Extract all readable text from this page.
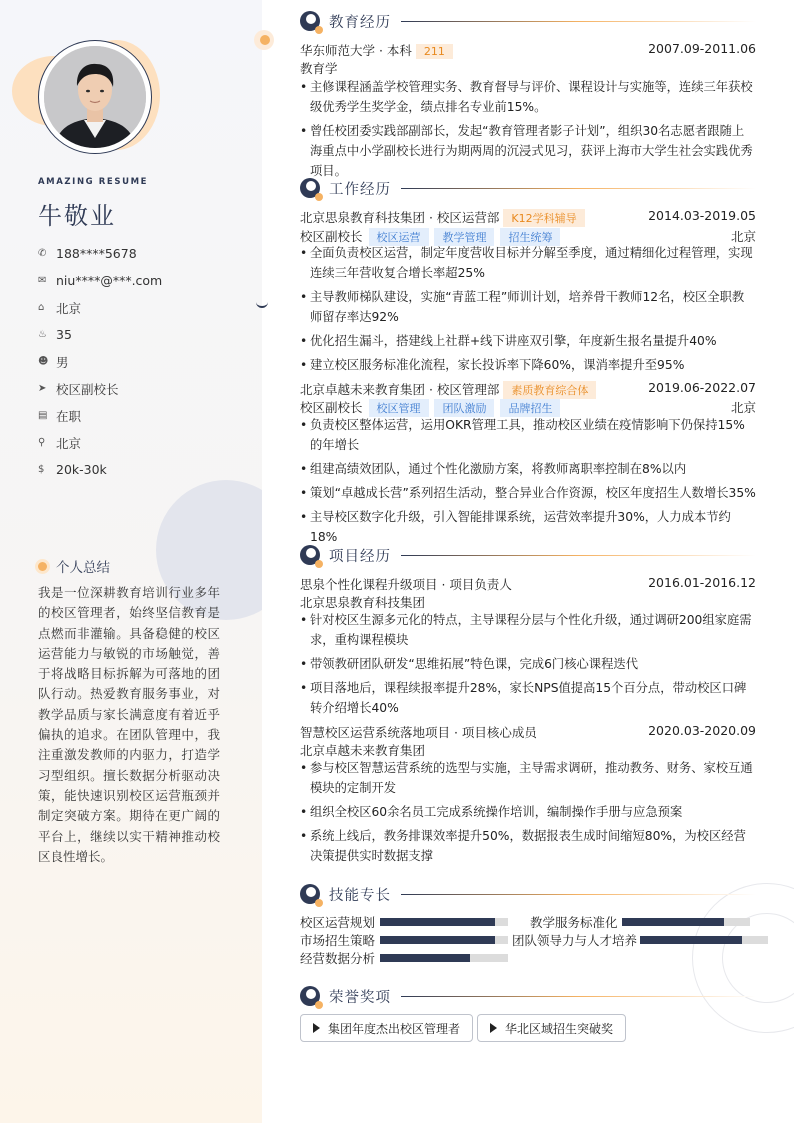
AMAZING RESUME
牛敬业
✆ 188****5678
✉ niu****@***.com
⌂ 北京
♨ 35
☻ 男
➤ 校区副校长
▤ 在职
⚲ 北京
$ 20k-30k
个人总结
我是一位深耕教育培训行业多年的校区管理者，始终坚信教育是点燃而非灌输。具备稳健的校区运营能力与敏锐的市场触觉，善于将战略目标拆解为可落地的团队行动。热爱教育服务事业，对教学品质与家长满意度有着近乎偏执的追求。在团队管理中，我注重激发教师的内驱力，打造学习型组织。擅长数据分析驱动决策，能快速识别校区运营瓶颈并制定突破方案。期待在更广阔的平台上，继续以实干精神推动校区良性增长。
教育经历
华东师范大学 · 本科 211	2007.09-2011.06
教育学
• 主修课程涵盖学校管理实务、教育督导与评价、课程设计与实施等，连续三年获校级优秀学生奖学金，绩点排名专业前15%。
• 曾任校团委实践部副部长，发起“教育管理者影子计划”，组织30名志愿者跟随上海重点中小学副校长进行为期两周的沉浸式见习，获评上海市大学生社会实践优秀项目。
工作经历
北京思泉教育科技集团 · 校区运营部 K12学科辅导	2014.03-2019.05
校区副校长 校区运营 教学管理 招生统筹	北京
• 全面负责校区运营，制定年度营收目标并分解至季度，通过精细化过程管理，实现连续三年营收复合增长率超25%
• 主导教师梯队建设，实施“青蓝工程”师训计划，培养骨干教师12名，校区全职教师留存率达92%
• 优化招生漏斗，搭建线上社群+线下讲座双引擎，年度新生报名量提升40%
• 建立校区服务标准化流程，家长投诉率下降60%，课消率提升至95%
北京卓越未来教育集团 · 校区管理部 素质教育综合体	2019.06-2022.07
校区副校长 校区管理 团队激励 品牌招生	北京
• 负责校区整体运营，运用OKR管理工具，推动校区业绩在疫情影响下仍保持15%的年增长
• 组建高绩效团队，通过个性化激励方案，将教师离职率控制在8%以内
• 策划“卓越成长营”系列招生活动，整合异业合作资源，校区年度招生人数增长35%
• 主导校区数字化升级，引入智能排课系统，运营效率提升30%，人力成本节约18%
项目经历
思泉个性化课程升级项目 · 项目负责人	2016.01-2016.12
北京思泉教育科技集团
• 针对校区生源多元化的特点，主导课程分层与个性化升级，通过调研200组家庭需求，重构课程模块
• 带领教研团队研发“思维拓展”特色课，完成6门核心课程迭代
• 项目落地后，课程续报率提升28%，家长NPS值提高15个百分点，带动校区口碑转介绍增长40%
智慧校区运营系统落地项目 · 项目核心成员	2020.03-2020.09
北京卓越未来教育集团
• 参与校区智慧运营系统的选型与实施，主导需求调研，推动教务、财务、家校互通模块的定制开发
• 组织全校区60余名员工完成系统操作培训，编制操作手册与应急预案
• 系统上线后，教务排课效率提升50%，数据报表生成时间缩短80%，为校区经营决策提供实时数据支撑
技能专长
校区运营规划	教学服务标准化
市场招生策略	团队领导力与人才培养
经营数据分析
荣誉奖项
集团年度杰出校区管理者	华北区域招生突破奖
